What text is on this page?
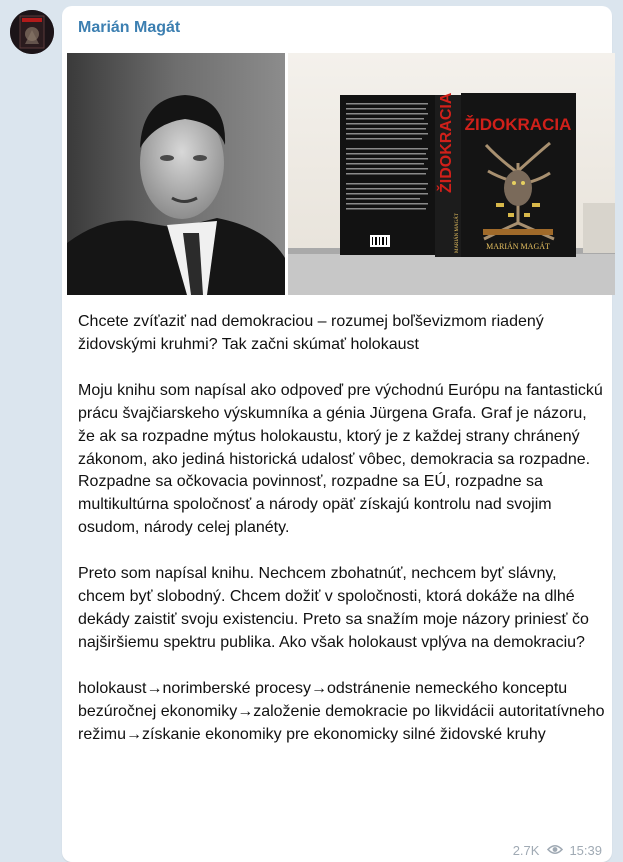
Marián Magát
ŽIDOKRACIA
MARIÁN MAGÁT
ŽIDOKRACIA
MARIÁN MAGÁT

Chcete zvíťaziť nad demokraciou – rozumej boľševizmom riadený židovskými kruhmi? Tak začni skúmať holokaust

Moju knihu som napísal ako odpoveď pre východnú Európu na fantastickú prácu švajčiarskeho výskumníka a génia Jürgena Grafa. Graf je názoru, že ak sa rozpadne mýtus holokaustu, ktorý je z každej strany chránený zákonom, ako jediná historická udalosť vôbec, demokracia sa rozpadne. Rozpadne sa očkovacia povinnosť, rozpadne sa EÚ, rozpadne sa multikultúrna spoločnosť a národy opäť získajú kontrolu nad svojim osudom, národy celej planéty.

Preto som napísal knihu. Nechcem zbohatnúť, nechcem byť slávny, chcem byť slobodný. Chcem dožiť v spoločnosti, ktorá dokáže na dlhé dekády zaistiť svoju existenciu. Preto sa snažím moje názory priniesť čo najširšiemu spektru publika. Ako však holokaust vplýva na demokraciu?

holokaust→norimberské procesy→odstránenie nemeckého konceptu bezúročnej ekonomiky→založenie demokracie po likvidácii autoritatívneho režimu→získanie ekonomiky pre ekonomicky silné židovské kruhy

2.7K 15:39
